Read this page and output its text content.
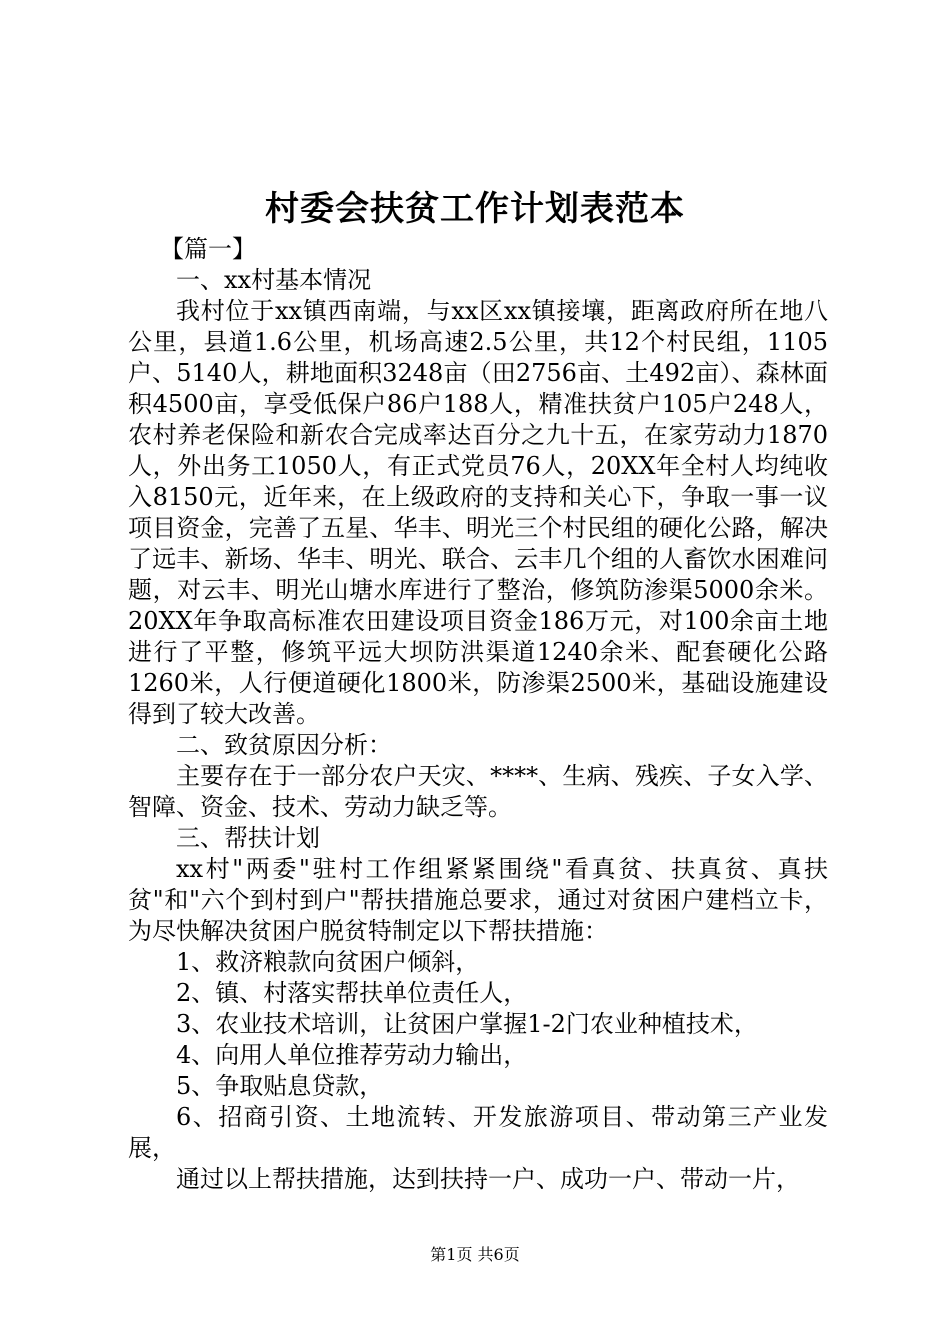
村委会扶贫工作计划表范本

【篇一】

一、xx村基本情况

我村位于xx镇西南端，与xx区xx镇接壤，距离政府所在地八公里，县道1.6公里，机场高速2.5公里，共12个村民组，1105户、5140人，耕地面积3248亩（田2756亩、土492亩）、森林面积4500亩，享受低保户86户188人，精准扶贫户105户248人，农村养老保险和新农合完成率达百分之九十五，在家劳动力1870人，外出务工1050人，有正式党员76人，20XX年全村人均纯收入8150元，近年来，在上级政府的支持和关心下，争取一事一议项目资金，完善了五星、华丰、明光三个村民组的硬化公路，解决了远丰、新场、华丰、明光、联合、云丰几个组的人畜饮水困难问题，对云丰、明光山塘水库进行了整治，修筑防渗渠5000余米。20XX年争取高标准农田建设项目资金186万元，对100余亩土地进行了平整，修筑平远大坝防洪渠道1240余米、配套硬化公路1260米，人行便道硬化1800米，防渗渠2500米，基础设施建设得到了较大改善。

二、致贫原因分析：

主要存在于一部分农户天灾、****、生病、残疾、子女入学、智障、资金、技术、劳动力缺乏等。

三、帮扶计划

xx村"两委"驻村工作组紧紧围绕"看真贫、扶真贫、真扶贫"和"六个到村到户"帮扶措施总要求，通过对贫困户建档立卡，为尽快解决贫困户脱贫特制定以下帮扶措施：

1、救济粮款向贫困户倾斜，

2、镇、村落实帮扶单位责任人，

3、农业技术培训，让贫困户掌握1-2门农业种植技术，

4、向用人单位推荐劳动力输出，

5、争取贴息贷款，

6、招商引资、土地流转、开发旅游项目、带动第三产业发展，

通过以上帮扶措施，达到扶持一户、成功一户、带动一片，

第1页 共6页
